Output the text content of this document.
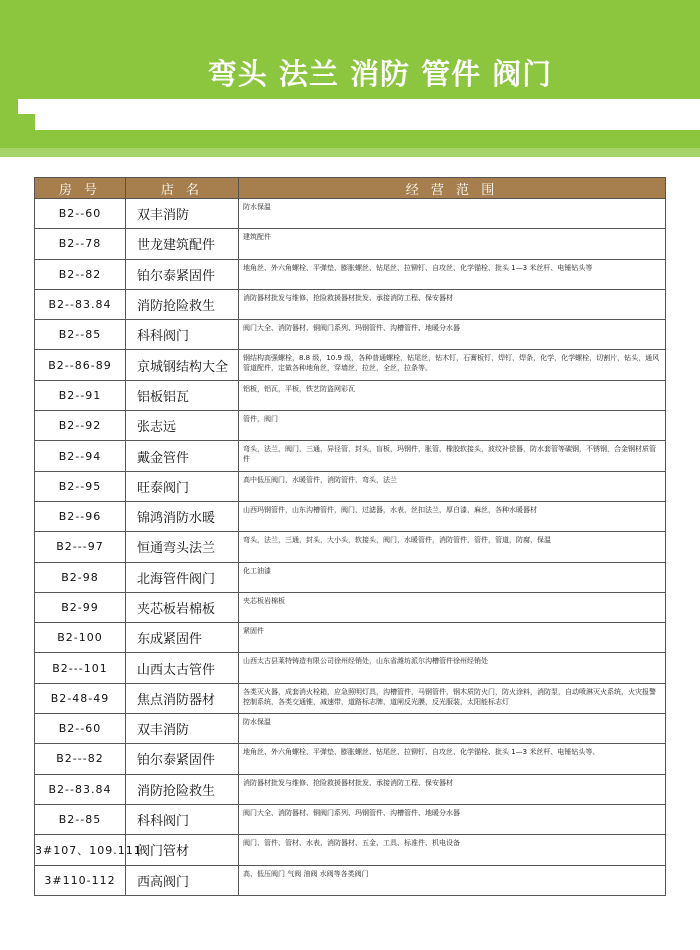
弯头 法兰 消防 管件 阀门
东兴物资市场
Dongxing materials market
房 号	店 名	经 营 范 围
B2--60	双丰消防	防水保温
B2--78	世龙建筑配件	建筑配件
B2--82	铂尔泰紧固件	地角丝、外六角螺栓、平弹垫、膨胀螺丝、钻尾丝、拉铆钉、自攻丝、化学锚栓、批头 1—3 米丝杆、电锤钻头等
B2--83.84	消防抢险救生	消防器材批发与维修、抢险救援器材批发、承接消防工程、保安器材
B2--85	科科阀门	阀门大全、消防器材、铜阀门系列、玛钢管件、沟槽管件、地暖分水器
B2--86-89	京城钢结构大全	钢结构高强螺栓，8.8 级，10.9 级，各种普通螺栓，钻尾丝，钻木钉，石膏板钉，焊钉，焊条，化学，化学螺栓，切割片，钻头，通风管道配件，定做各种地角丝，穿墙丝，拉丝，全丝，拉条等。
B2--91	铝板铝瓦	铝板，铝瓦，平板，铁艺防盗网彩瓦
B2--92	张志远	管件，阀门
B2--94	戴金管件	弯头，法兰，阀门，三通，异径管，封头，盲板，玛钢件，胀管，橡胶软接头，波纹补偿器，防水套管等碳钢，不锈钢，合金钢材质管件
B2--95	旺泰阀门	高中低压阀门，水暖管件，消防管件，弯头，法兰
B2--96	锦鸿消防水暖	山西玛钢管件，山东沟槽管件，阀门，过滤器，水表，丝扣法兰，厚白漆，麻丝，各种水暖器材
B2---97	恒通弯头法兰	弯头，法兰，三通，封头，大小头，软接头，阀门，水暖管件，消防管件，管件，管道，防腐，保温
B2-98	北海管件阀门	化工油漆
B2-99	夹芯板岩棉板	夹芯板岩棉板
B2-100	东成紧固件	紧固件
B2---101	山西太古管件	山西太古县莱特铸造有限公司徐州经销处，山东省潍坊派尔沟槽管件徐州经销处
B2-48-49	焦点消防器材	各类灭火器，成套消火栓箱，应急照明灯具，沟槽管件，马钢管件，钢木质防火门，防火涂料，消防泵，自动喷淋灭火系统，火灾报警控制系统，各类交通锥，减速带，道路标志牌，道闸反光膜，反光服装，太阳能标志灯
B2--60	双丰消防	防水保温
B2---82	铂尔泰紧固件	地角丝、外六角螺栓、平弹垫、膨胀螺丝、钻尾丝、拉铆钉、自攻丝、化学锚栓、批头 1—3 米丝杆、电锤钻头等、
B2--83.84	消防抢险救生	消防器材批发与维修、抢险救援器材批发、承接消防工程、保安器材
B2--85	科科阀门	阀门大全、消防器材、铜阀门系列、玛钢管件、沟槽管件、地暖分水器
3#107、109.111	阀门管材	阀门、管件、管材、水表、消防器材、五金、工具、标准件、机电设备
3#110-112	西高阀门	高、低压阀门 气阀 油阀 水阀等各类阀门
